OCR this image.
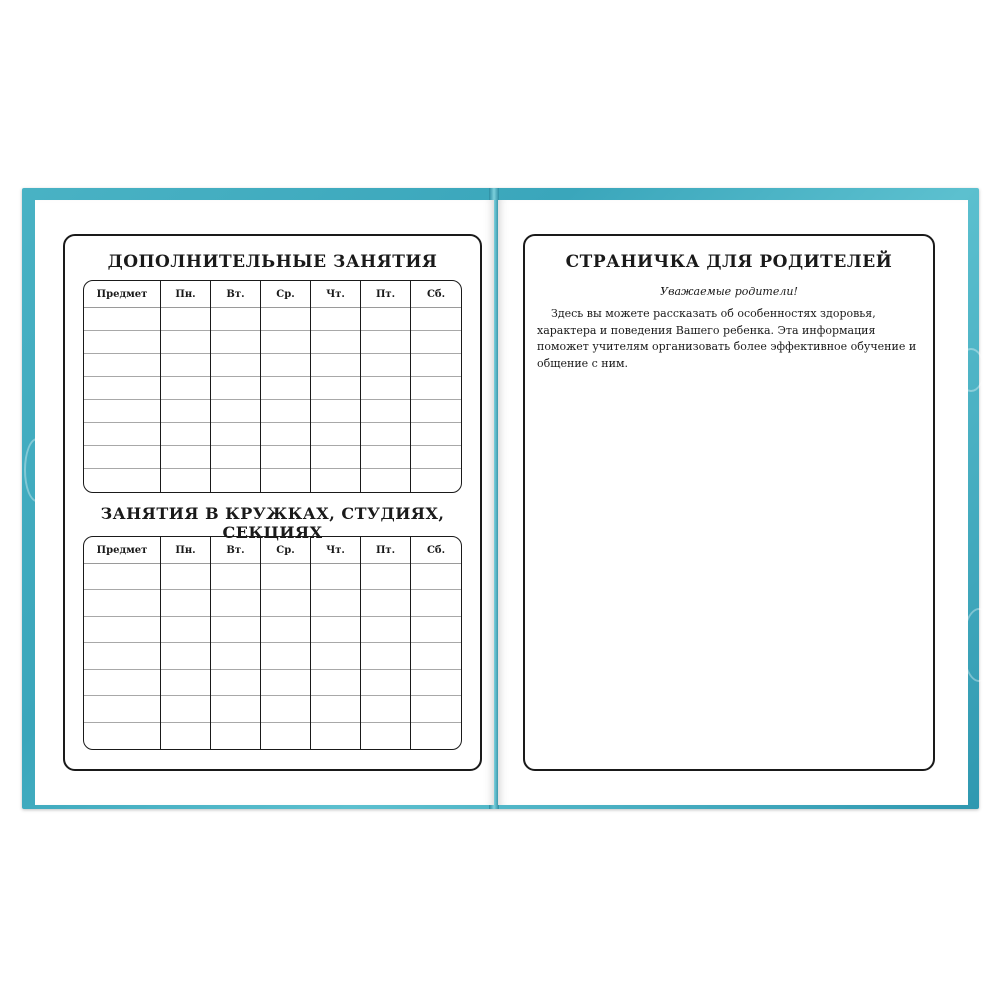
ДОПОЛНИТЕЛЬНЫЕ ЗАНЯТИЯ
Предмет	Пн.	Вт.	Ср.	Чт.	Пт.	Сб.
ЗАНЯТИЯ В КРУЖКАХ, СТУДИЯХ, СЕКЦИЯХ
Предмет	Пн.	Вт.	Ср.	Чт.	Пт.	Сб.
СТРАНИЧКА ДЛЯ РОДИТЕЛЕЙ
Уважаемые родители!
Здесь вы можете рассказать об особенностях здоровья, характера и поведения Вашего ребенка. Эта информация поможет учителям организовать более эффективное обучение и общение с ним.
